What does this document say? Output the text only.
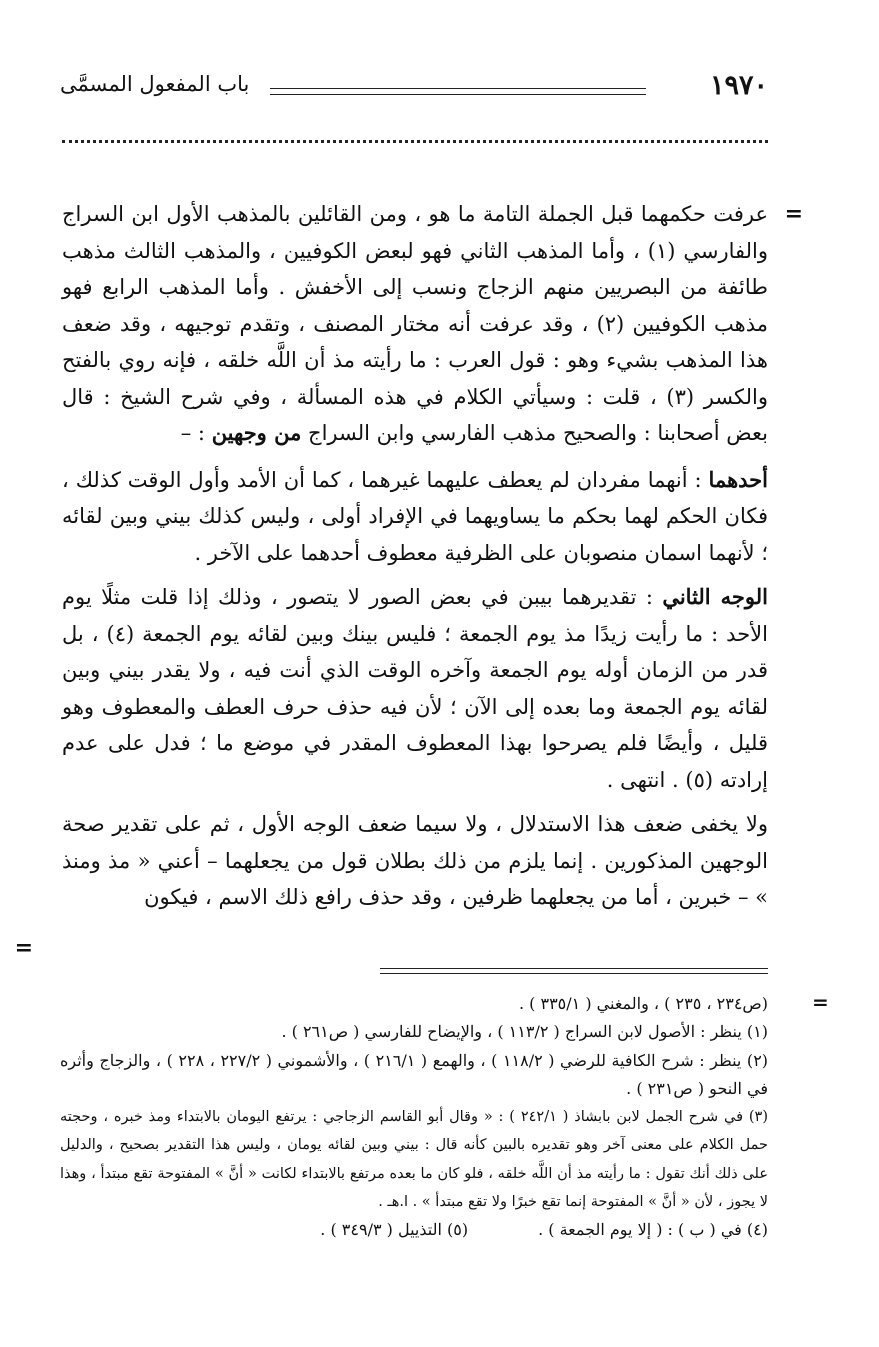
١٩٧٠
باب المفعول المسمَّى
=
=

عرفت حكمهما قبل الجملة التامة ما هو ، ومن القائلين بالمذهب الأول ابن السراج والفارسي (١) ، وأما المذهب الثاني فهو لبعض الكوفيين ، والمذهب الثالث مذهب طائفة من البصريين منهم الزجاج ونسب إلى الأخفش . وأما المذهب الرابع فهو مذهب الكوفيين (٢) ، وقد عرفت أنه مختار المصنف ، وتقدم توجيهه ، وقد ضعف هذا المذهب بشيء وهو : قول العرب : ما رأيته مذ أن اللَّه خلقه ، فإنه روي بالفتح والكسر (٣) ، قلت : وسيأتي الكلام في هذه المسألة ، وفي شرح الشيخ : قال بعض أصحابنا : والصحيح مذهب الفارسي وابن السراج من وجهين : –

أحدهما : أنهما مفردان لم يعطف عليهما غيرهما ، كما أن الأمد وأول الوقت كذلك ، فكان الحكم لهما بحكم ما يساويهما في الإفراد أولى ، وليس كذلك بيني وبين لقائه ؛ لأنهما اسمان منصوبان على الظرفية معطوف أحدهما على الآخر .

الوجه الثاني : تقديرهما بيبن في بعض الصور لا يتصور ، وذلك إذا قلت مثلًا يوم الأحد : ما رأيت زيدًا مذ يوم الجمعة ؛ فليس بينك وبين لقائه يوم الجمعة (٤) ، بل قدر من الزمان أوله يوم الجمعة وآخره الوقت الذي أنت فيه ، ولا يقدر بيني وبين لقائه يوم الجمعة وما بعده إلى الآن ؛ لأن فيه حذف حرف العطف والمعطوف وهو قليل ، وأيضًا فلم يصرحوا بهذا المعطوف المقدر في موضع ما ؛ فدل على عدم إرادته (٥) . انتهى .

ولا يخفى ضعف هذا الاستدلال ، ولا سيما ضعف الوجه الأول ، ثم على تقدير صحة الوجهين المذكورين . إنما يلزم من ذلك بطلان قول من يجعلهما – أعني « مذ ومنذ » – خبرين ، أما من يجعلهما ظرفين ، وقد حذف رافع ذلك الاسم ، فيكون

(ص٢٣٤ ، ٢٣٥ ) ، والمغني ( ٣٣٥/١ ) .

(١) ينظر : الأصول لابن السراج ( ١١٣/٢ ) ، والإيضاح للفارسي ( ص٢٦١ ) .

(٢) ينظر : شرح الكافية للرضي ( ١١٨/٢ ) ، والهمع ( ٢١٦/١ ) ، والأشموني ( ٢٢٧/٢ ، ٢٢٨ ) ، والزجاج وأثره في النحو ( ص٢٣١ ) .

(٣) في شرح الجمل لابن بابشاذ ( ٢٤٢/١ ) : « وقال أبو القاسم الزجاجي : يرتفع اليومان بالابتداء ومذ خبره ، وحجته حمل الكلام على معنى آخر وهو تقديره بالبين كأنه قال : بيني وبين لقائه يومان ، وليس هذا التقدير بصحيح ، والدليل على ذلك أنك تقول : ما رأيته مذ أن اللَّه خلقه ، فلو كان ما بعده مرتفع بالابتداء لكانت « أنَّ » المفتوحة تقع مبتدأ ، وهذا لا يجوز ، لأن « أنَّ » المفتوحة إنما تقع خبرًا ولا تقع مبتدأ » . ا.هـ .

(٤) في ( ب ) : ( إلا يوم الجمعة ) .
(٥) التذييل ( ٣٤٩/٣ ) .

=
